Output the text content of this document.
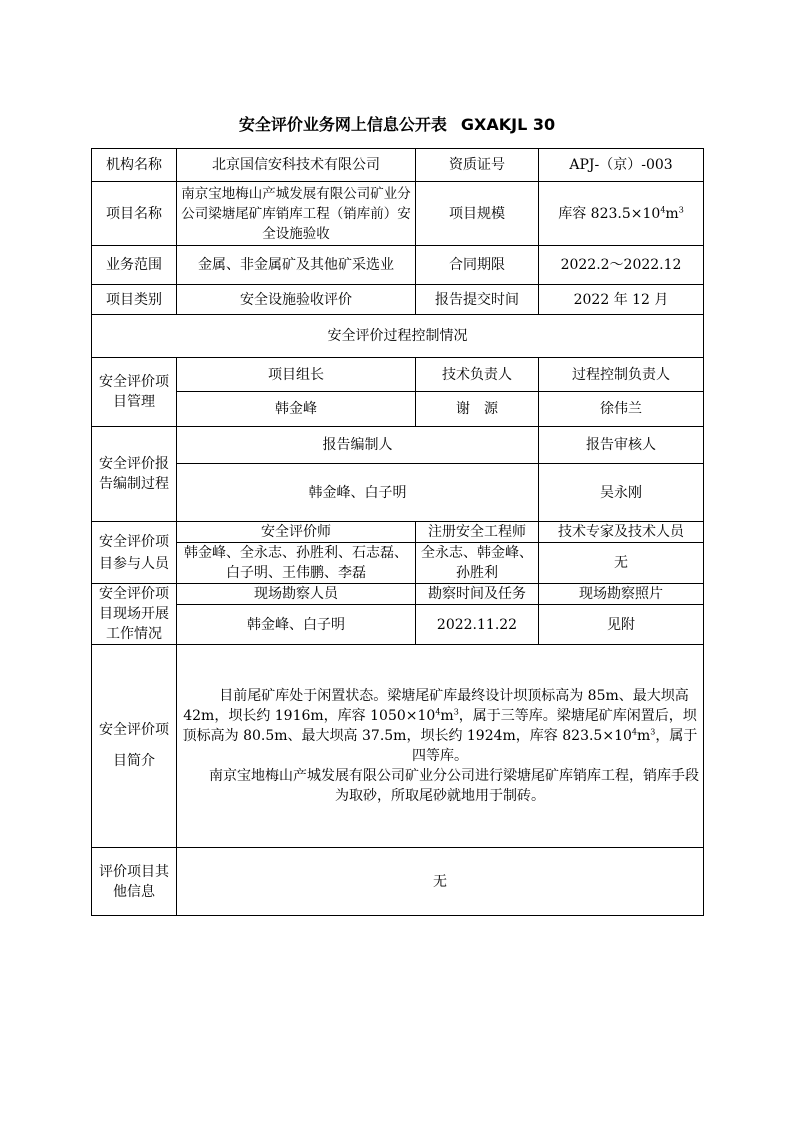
安全评价业务网上信息公开表 GXAKJL 30
机构名称	北京国信安科技术有限公司	资质证号	APJ-（京）-003
项目名称	南京宝地梅山产城发展有限公司矿业分公司梁塘尾矿库销库工程（销库前）安全设施验收	项目规模	库容 $823.5\times 10^4m^3$
业务范围	金属、非金属矿及其他矿采选业	合同期限	2022.2～2022.12
项目类别	安全设施验收评价	报告提交时间	2022 年 12 月
安全评价过程控制情况			
安全评价项目管理	项目组长	技术负责人	过程控制负责人
	韩金峰	谢　源	徐伟兰
安全评价报告编制过程	报告编制人		报告审核人
	韩金峰、白子明		吴永刚
安全评价项目参与人员	安全评价师	注册安全工程师	技术专家及技术人员
	韩金峰、全永志、孙胜利、石志磊、白子明、王伟鹏、李磊	全永志、韩金峰、孙胜利	无
安全评价项目现场开展工作情况	现场勘察人员	勘察时间及任务	现场勘察照片
	韩金峰、白子明	2022.11.22	见附
安全评价项目简介	目前尾矿库处于闲置状态。梁塘尾矿库最终设计坝顶标高为 85m、最大坝高 42m，坝长约 1916m，库容 $1050\times 10^4m^3$，属于三等库。梁塘尾矿库闲置后，坝顶标高为 80.5m、最大坝高 37.5m，坝长约 1924m，库容 $823.5\times 10^4m^3$，属于四等库。

南京宝地梅山产城发展有限公司矿业分公司进行梁塘尾矿库销库工程，销库手段为取砂，所取尾砂就地用于制砖。		

评价项目其他信息	无		
